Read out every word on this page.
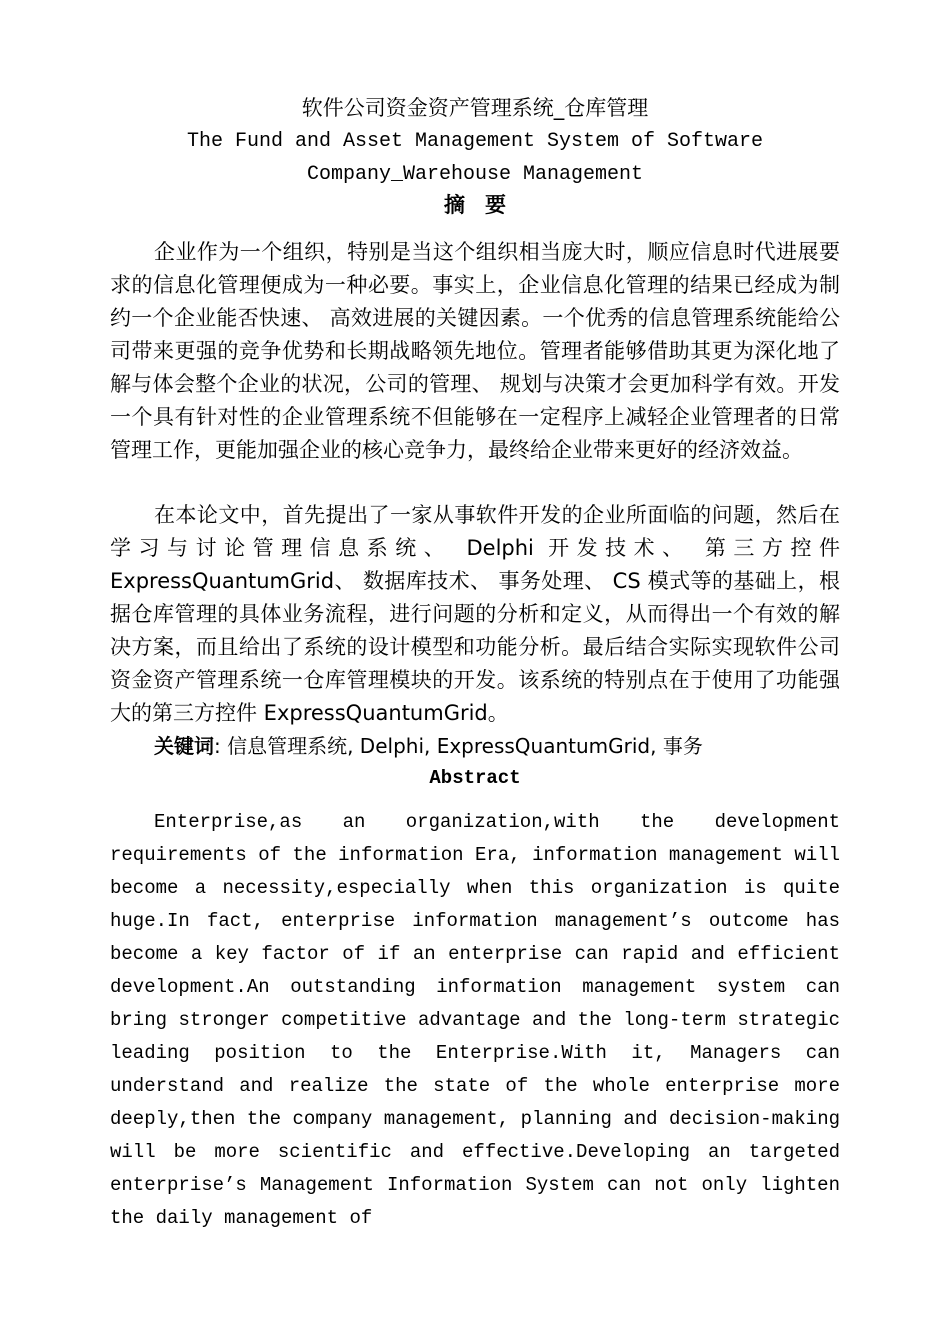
软件公司资金资产管理系统_仓库管理
The Fund and Asset Management System of Software
Company_Warehouse Management
摘要

企业作为一个组织，特别是当这个组织相当庞大时，顺应信息时代进展要求的信息化管理便成为一种必要。事实上，企业信息化管理的结果已经成为制约一个企业能否快速、 高效进展的关键因素。一个优秀的信息管理系统能给公司带来更强的竞争优势和长期战略领先地位。管理者能够借助其更为深化地了解与体会整个企业的状况，公司的管理、 规划与决策才会更加科学有效。开发一个具有针对性的企业管理系统不但能够在一定程序上减轻企业管理者的日常管理工作，更能加强企业的核心竞争力，最终给企业带来更好的经济效益。

在本论文中，首先提出了一家从事软件开发的企业所面临的问题，然后在学习与讨论管理信息系统、 Delphi 开发技术、 第三方控件ExpressQuantumGrid、 数据库技术、 事务处理、 CS 模式等的基础上，根据仓库管理的具体业务流程，进行问题的分析和定义，从而得出一个有效的解决方案，而且给出了系统的设计模型和功能分析。最后结合实际实现软件公司资金资产管理系统一仓库管理模块的开发。该系统的特别点在于使用了功能强大的第三方控件 ExpressQuantumGrid。

关键词: 信息管理系统, Delphi, ExpressQuantumGrid, 事务
Abstract

Enterprise,as an organization,with the development requirements of the information Era, information management will become a necessity,especially when this organization is quite huge.In fact, enterprise information management’s outcome has become a key factor of if an enterprise can rapid and efficient development.An outstanding information management system can bring stronger competitive advantage and the long-term strategic leading position to the Enterprise.With it, Managers can understand and realize the state of the whole enterprise more deeply,then the company management, planning and decision-making will be more scientific and effective.Developing an targeted enterprise’s Management Information System can not only lighten the daily management of
